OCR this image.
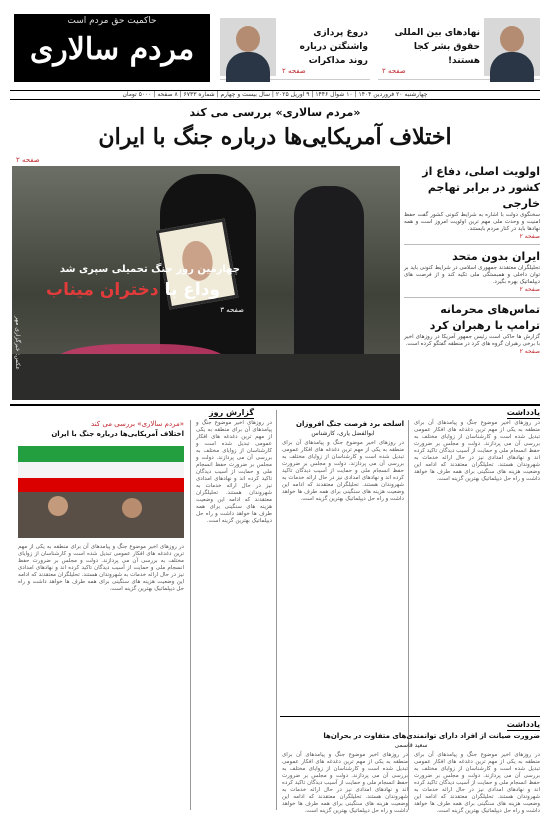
حاکمیت حق مردم است
مردم سالاری	دروغ پردازی واشنگتن درباره روند مذاکرات
صفحه ۲
نهادهای بین المللی حقوق بشر کجا هستند!
صفحه ۲
چهارشنبه ۲۰ فروردین ۱۴۰۴ | ۱۰ شوال ۱۴۴۶ | ۹ آوریل ۲۰۲۵ | سال بیست و چهارم | شماره ۶۷۳۳ | ۸ صفحه | ۵۰۰۰ تومان
«مردم سالاری» بررسی می کند
اختلاف آمریکایی‌ها درباره جنگ با ایران
صفحه ۲
چهارمین روز جنگ تحمیلی سپری شد
وداع با دختران میناب
صفحه ۳
عکس: خبرگزاری مهر
اولویت اصلی، دفاع از کشور در برابر تهاجم خارجی
سخنگوی دولت با اشاره به شرایط کنونی کشور گفت حفظ امنیت و وحدت ملی مهم ترین اولویت امروز است و همه نهادها باید در کنار مردم بایستند.
صفحه ۲
ایران بدون متحد
تحلیلگران معتقدند جمهوری اسلامی در شرایط کنونی باید بر توان داخلی و همبستگی ملی تکیه کند و از فرصت های دیپلماتیک بهره بگیرد.
صفحه ۲
تماس‌های محرمانه ترامپ با رهبران کرد
گزارش ها حاکی است رئیس جمهور آمریکا در روزهای اخیر با برخی رهبران گروه های کرد در منطقه گفتگو کرده است.
صفحه ۲
یادداشت
گزارش روز
«مردم سالاری» بررسی می کند
اختلاف آمریکایی‌ها درباره جنگ با ایران
در روزهای اخیر موضوع جنگ و پیامدهای آن برای منطقه به یکی از مهم ترین دغدغه های افکار عمومی تبدیل شده است و کارشناسان از زوایای مختلف به بررسی آن می پردازند. دولت و مجلس بر ضرورت حفظ انسجام ملی و حمایت از آسیب دیدگان تاکید کرده اند و نهادهای امدادی نیز در حال ارائه خدمات به شهروندان هستند. تحلیلگران معتقدند که ادامه این وضعیت هزینه های سنگینی برای همه طرف ها خواهد داشت و راه حل دیپلماتیک بهترین گزینه است.
در روزهای اخیر موضوع جنگ و پیامدهای آن برای منطقه به یکی از مهم ترین دغدغه های افکار عمومی تبدیل شده است و کارشناسان از زوایای مختلف به بررسی آن می پردازند. دولت و مجلس بر ضرورت حفظ انسجام ملی و حمایت از آسیب دیدگان تاکید کرده اند و نهادهای امدادی نیز در حال ارائه خدمات به شهروندان هستند. تحلیلگران معتقدند که ادامه این وضعیت هزینه های سنگینی برای همه طرف ها خواهد داشت و راه حل دیپلماتیک بهترین گزینه است.
اسلحه برد فرصت جنگ افروزان
ابوالفضل یاری، کارشناس
در روزهای اخیر موضوع جنگ و پیامدهای آن برای منطقه به یکی از مهم ترین دغدغه های افکار عمومی تبدیل شده است و کارشناسان از زوایای مختلف به بررسی آن می پردازند. دولت و مجلس بر ضرورت حفظ انسجام ملی و حمایت از آسیب دیدگان تاکید کرده اند و نهادهای امدادی نیز در حال ارائه خدمات به شهروندان هستند. تحلیلگران معتقدند که ادامه این وضعیت هزینه های سنگینی برای همه طرف ها خواهد داشت و راه حل دیپلماتیک بهترین گزینه است.
در روزهای اخیر موضوع جنگ و پیامدهای آن برای منطقه به یکی از مهم ترین دغدغه های افکار عمومی تبدیل شده است و کارشناسان از زوایای مختلف به بررسی آن می پردازند. دولت و مجلس بر ضرورت حفظ انسجام ملی و حمایت از آسیب دیدگان تاکید کرده اند و نهادهای امدادی نیز در حال ارائه خدمات به شهروندان هستند. تحلیلگران معتقدند که ادامه این وضعیت هزینه های سنگینی برای همه طرف ها خواهد داشت و راه حل دیپلماتیک بهترین گزینه است.
یادداشت
ضرورت صیانت از افراد دارای توانمندی‌های متفاوت در بحران‌ها
سعید قاسمی
در روزهای اخیر موضوع جنگ و پیامدهای آن برای منطقه به یکی از مهم ترین دغدغه های افکار عمومی تبدیل شده است و کارشناسان از زوایای مختلف به بررسی آن می پردازند. دولت و مجلس بر ضرورت حفظ انسجام ملی و حمایت از آسیب دیدگان تاکید کرده اند و نهادهای امدادی نیز در حال ارائه خدمات به شهروندان هستند. تحلیلگران معتقدند که ادامه این وضعیت هزینه های سنگینی برای همه طرف ها خواهد داشت و راه حل دیپلماتیک بهترین گزینه است.
در روزهای اخیر موضوع جنگ و پیامدهای آن برای منطقه به یکی از مهم ترین دغدغه های افکار عمومی تبدیل شده است و کارشناسان از زوایای مختلف به بررسی آن می پردازند. دولت و مجلس بر ضرورت حفظ انسجام ملی و حمایت از آسیب دیدگان تاکید کرده اند و نهادهای امدادی نیز در حال ارائه خدمات به شهروندان هستند. تحلیلگران معتقدند که ادامه این وضعیت هزینه های سنگینی برای همه طرف ها خواهد داشت و راه حل دیپلماتیک بهترین گزینه است.
